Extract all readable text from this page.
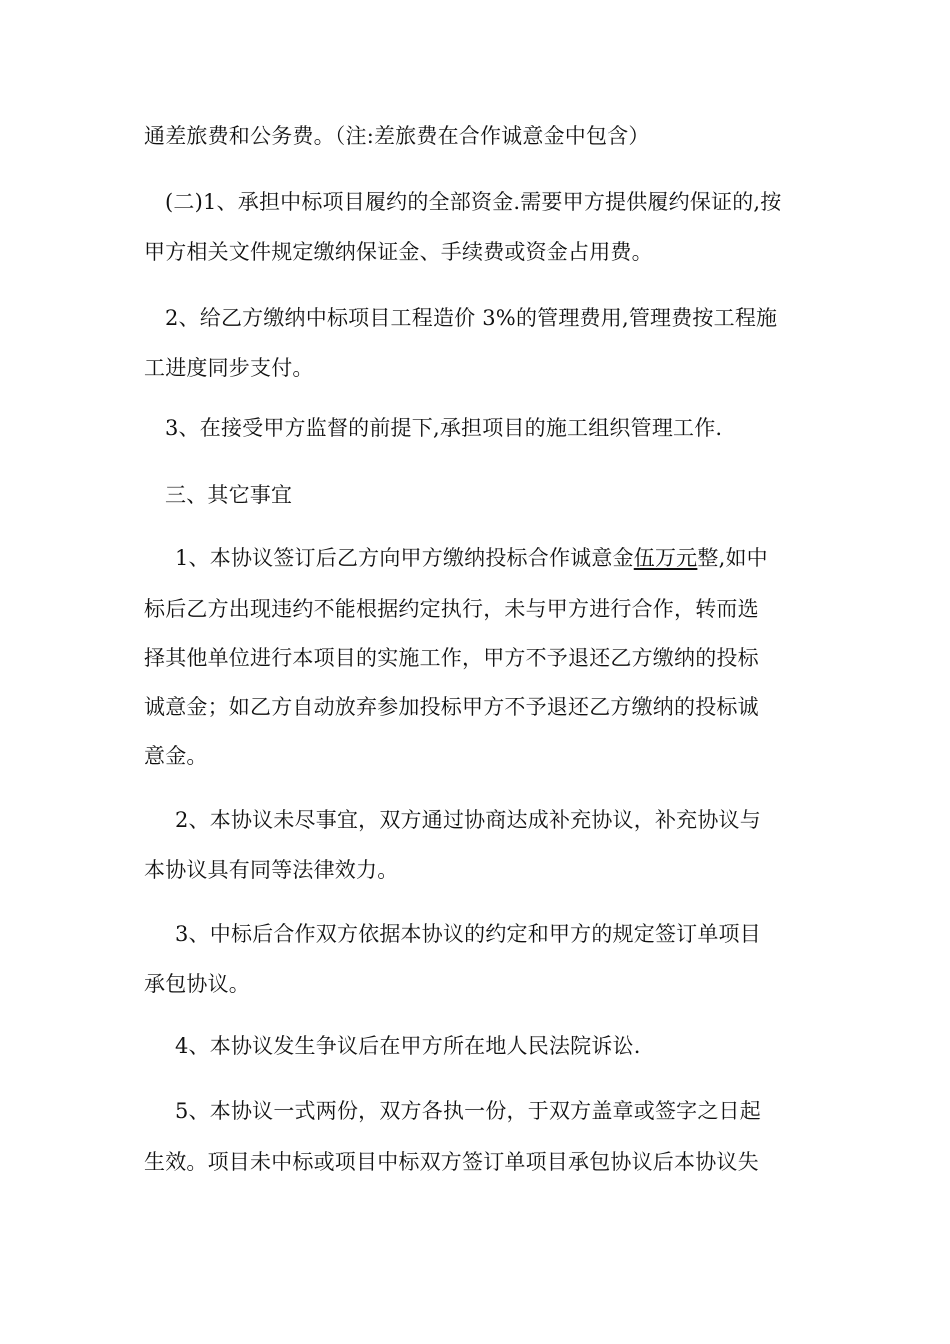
通差旅费和公务费。（注:差旅费在合作诚意金中包含）
(二)1、承担中标项目履约的全部资金.需要甲方提供履约保证的,按
甲方相关文件规定缴纳保证金、手续费或资金占用费。
2、给乙方缴纳中标项目工程造价 3%的管理费用,管理费按工程施
工进度同步支付。
3、在接受甲方监督的前提下,承担项目的施工组织管理工作.
三、其它事宜
1、本协议签订后乙方向甲方缴纳投标合作诚意金伍万元整,如中
标后乙方出现违约不能根据约定执行，未与甲方进行合作，转而选
择其他单位进行本项目的实施工作，甲方不予退还乙方缴纳的投标
诚意金；如乙方自动放弃参加投标甲方不予退还乙方缴纳的投标诚
意金。
2、本协议未尽事宜，双方通过协商达成补充协议，补充协议与
本协议具有同等法律效力。
3、中标后合作双方依据本协议的约定和甲方的规定签订单项目
承包协议。
4、本协议发生争议后在甲方所在地人民法院诉讼.
5、本协议一式两份，双方各执一份，于双方盖章或签字之日起
生效。项目未中标或项目中标双方签订单项目承包协议后本协议失
